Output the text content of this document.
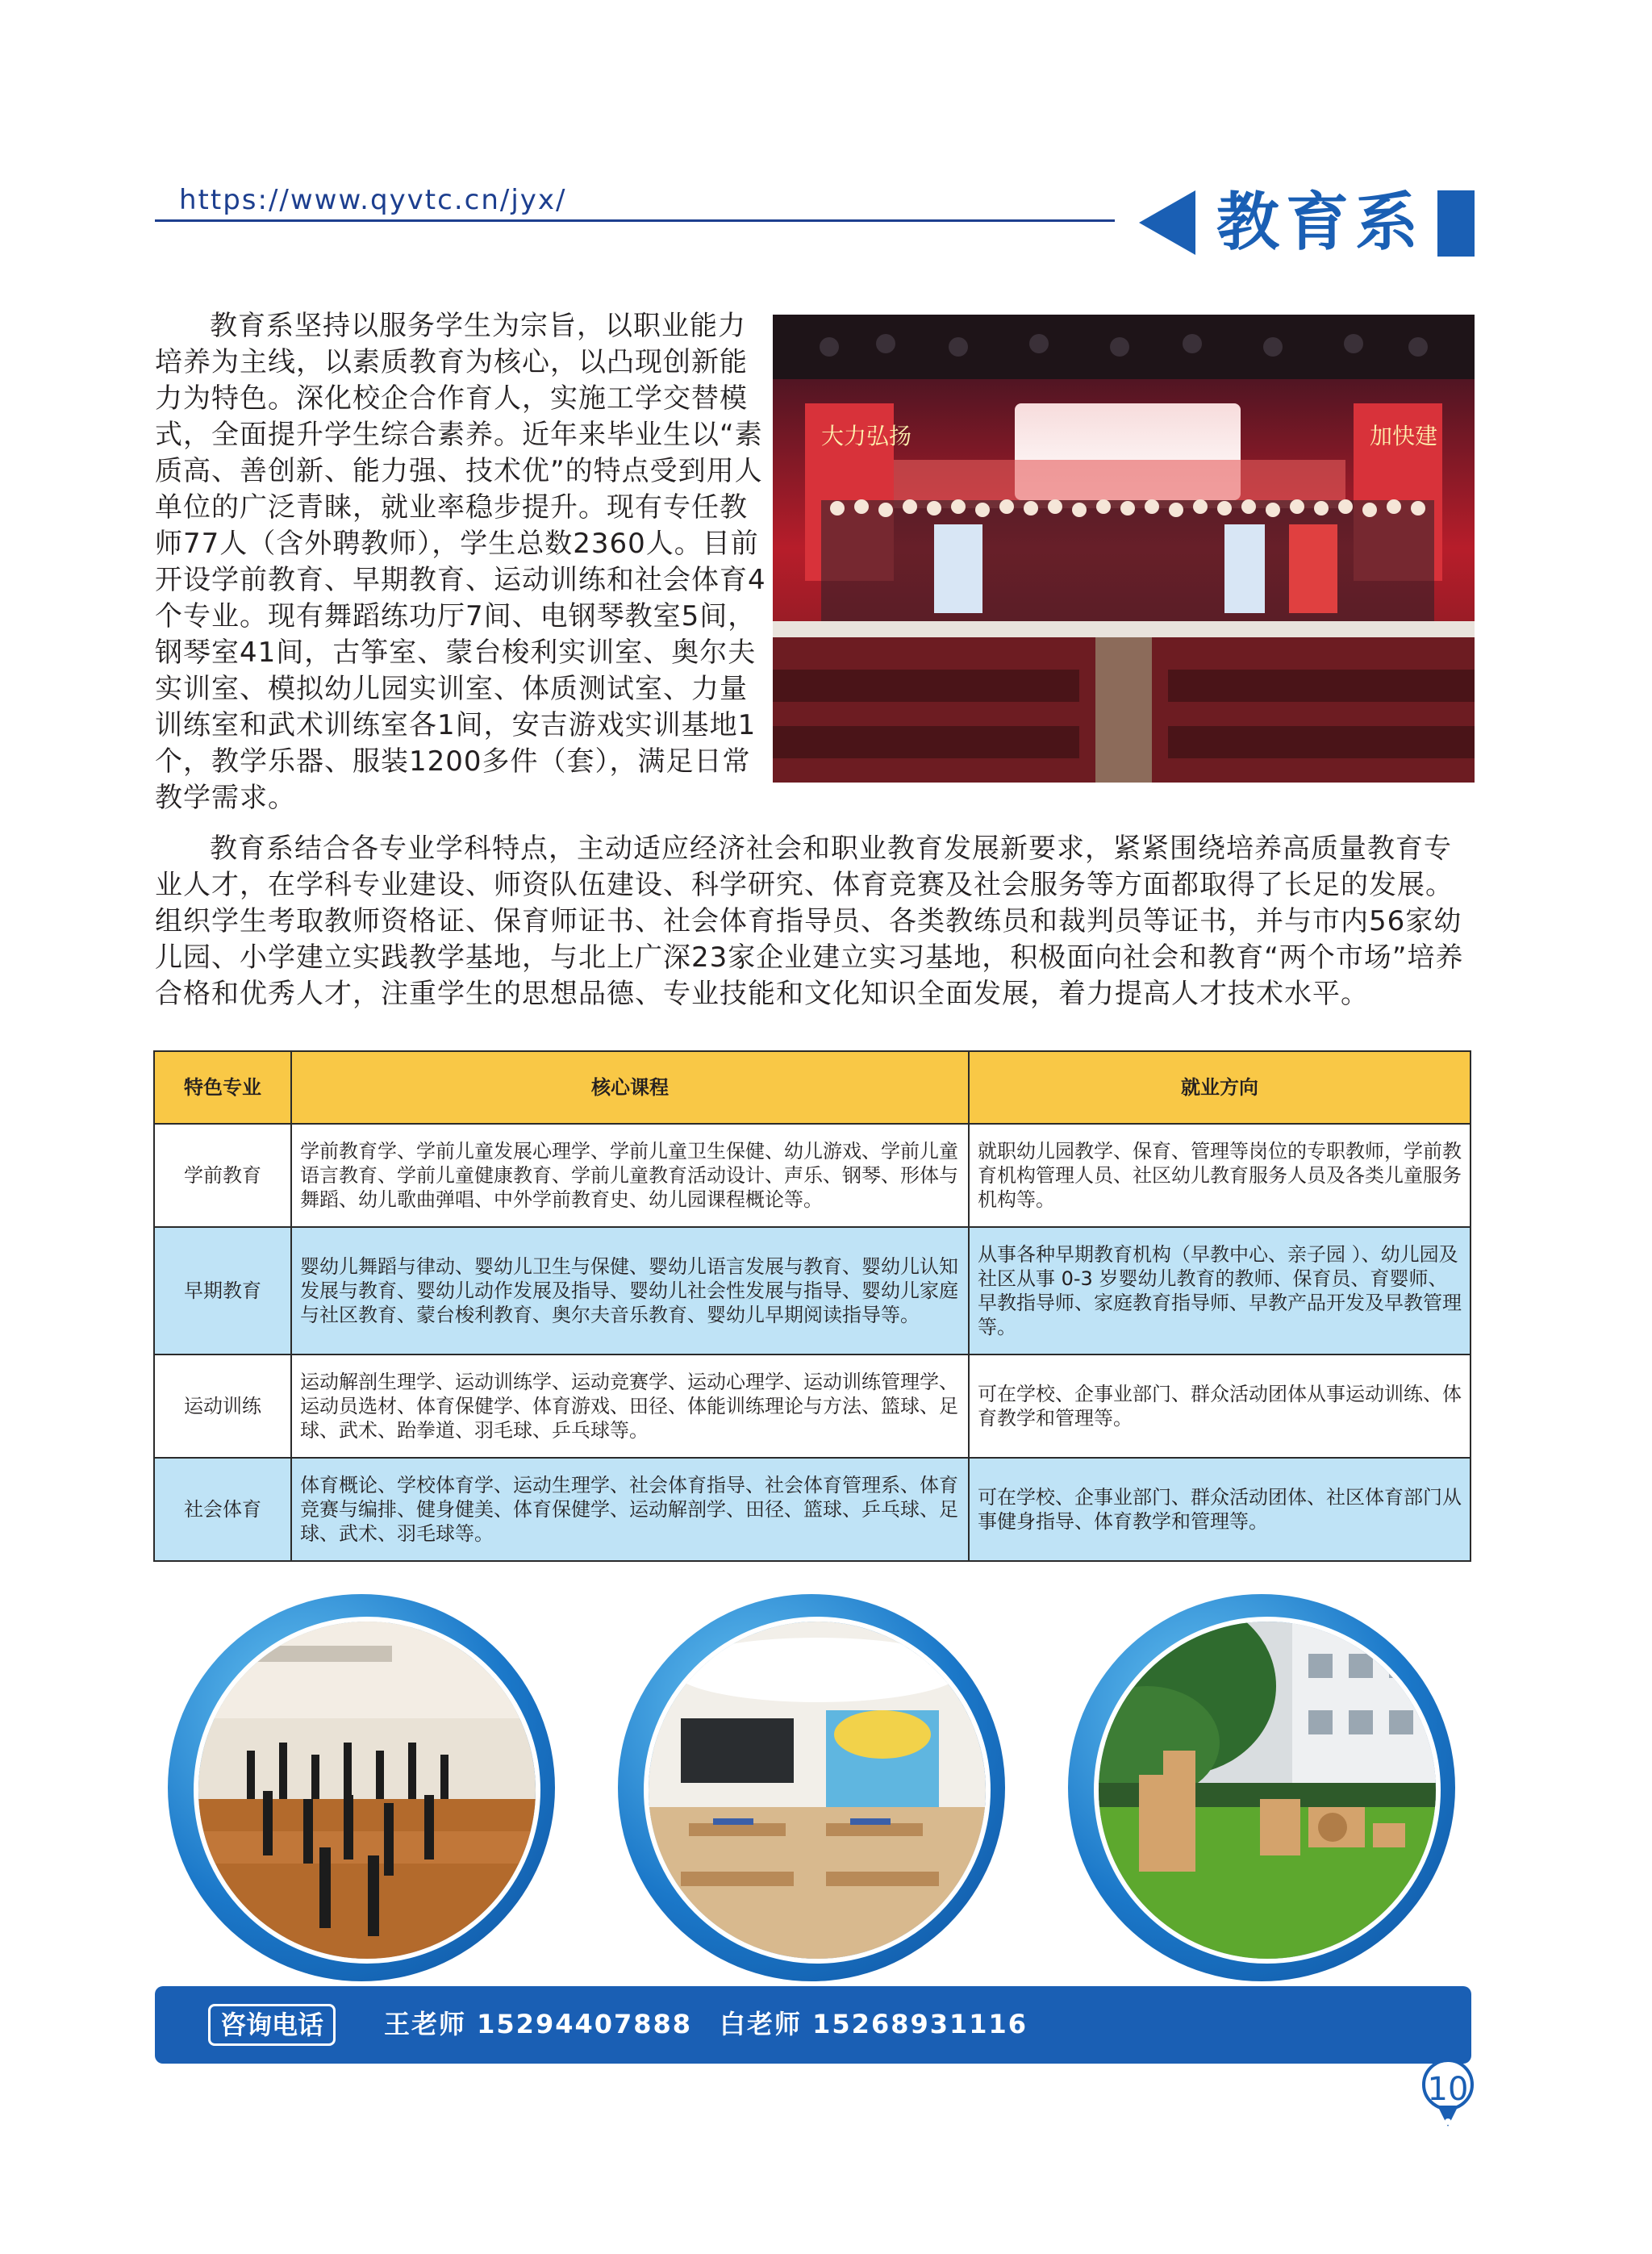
https://www.qyvtc.cn/jyx/	教育系
教育系坚持以服务学生为宗旨，以职业能力培养为主线，以素质教育为核心，以凸现创新能力为特色。深化校企合作育人，实施工学交替模式，全面提升学生综合素养。近年来毕业生以“素质高、善创新、能力强、技术优”的特点受到用人单位的广泛青睐，就业率稳步提升。现有专任教师77人（含外聘教师），学生总数2360人。目前开设学前教育、早期教育、运动训练和社会体育4个专业。现有舞蹈练功厅7间、电钢琴教室5间，钢琴室41间，古筝室、蒙台梭利实训室、奥尔夫实训室、模拟幼儿园实训室、体质测试室、力量训练室和武术训练室各1间，安吉游戏实训基地1个，教学乐器、服装1200多件（套），满足日常教学需求。
大力弘扬	加快建
教育系结合各专业学科特点，主动适应经济社会和职业教育发展新要求，紧紧围绕培养高质量教育专业人才，在学科专业建设、师资队伍建设、科学研究、体育竞赛及社会服务等方面都取得了长足的发展。组织学生考取教师资格证、保育师证书、社会体育指导员、各类教练员和裁判员等证书，并与市内56家幼儿园、小学建立实践教学基地，与北上广深23家企业建立实习基地，积极面向社会和教育“两个市场”培养合格和优秀人才，注重学生的思想品德、专业技能和文化知识全面发展，着力提高人才技术水平。
特色专业	核心课程	就业方向
学前教育	学前教育学、学前儿童发展心理学、学前儿童卫生保健、幼儿游戏、学前儿童语言教育、学前儿童健康教育、学前儿童教育活动设计、声乐、钢琴、形体与舞蹈、幼儿歌曲弹唱、中外学前教育史、幼儿园课程概论等。	就职幼儿园教学、保育、管理等岗位的专职教师，学前教育机构管理人员、社区幼儿教育服务人员及各类儿童服务机构等。
早期教育	婴幼儿舞蹈与律动、婴幼儿卫生与保健、婴幼儿语言发展与教育、婴幼儿认知发展与教育、婴幼儿动作发展及指导、婴幼儿社会性发展与指导、婴幼儿家庭与社区教育、蒙台梭利教育、奥尔夫音乐教育、婴幼儿早期阅读指导等。	从事各种早期教育机构（早教中心、亲子园 ）、幼儿园及社区从事 0-3 岁婴幼儿教育的教师、保育员、育婴师、早教指导师、家庭教育指导师、早教产品开发及早教管理等。
运动训练	运动解剖生理学、运动训练学、运动竞赛学、运动心理学、运动训练管理学、运动员选材、体育保健学、体育游戏、田径、体能训练理论与方法、篮球、足球、武术、跆拳道、羽毛球、乒乓球等。	可在学校、企事业部门、群众活动团体从事运动训练、体育教学和管理等。
社会体育	体育概论、学校体育学、运动生理学、社会体育指导、社会体育管理系、体育竞赛与编排、健身健美、体育保健学、运动解剖学、田径、篮球、乒乓球、足球、武术、羽毛球等。	可在学校、企事业部门、群众活动团体、社区体育部门从事健身指导、体育教学和管理等。
咨询电话	王老师 15294407888 白老师 15268931116
10
